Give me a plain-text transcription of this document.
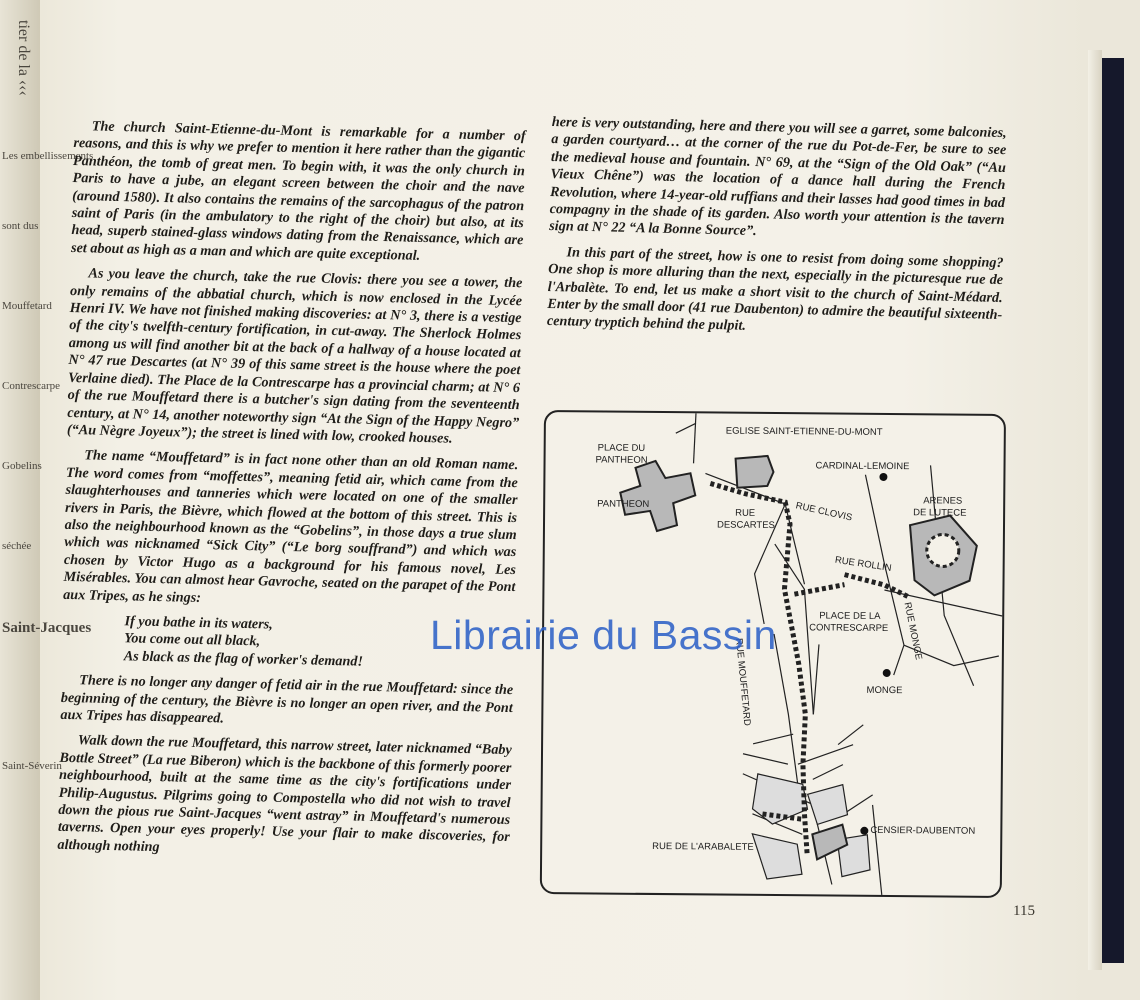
tier de la ‹‹‹
Les embellissements
sont dus
Mouffetard
Contrescarpe
Gobelins
séchée
Saint-Jacques
Saint-Séverin

The church Saint-Etienne-du-Mont is remarkable for a number of reasons, and this is why we prefer to mention it here rather than the gigantic Panthéon, the tomb of great men. To begin with, it was the only church in Paris to have a jube, an elegant screen between the choir and the nave (around 1580). It also contains the remains of the sarcophagus of the patron saint of Paris (in the ambulatory to the right of the choir) but also, at its head, superb stained-glass windows dating from the Renaissance, which are set about as high as a man and which are quite exceptional.

As you leave the church, take the rue Clovis: there you see a tower, the only remains of the abbatial church, which is now enclosed in the Lycée Henri IV. We have not finished making discoveries: at N° 3, there is a vestige of the city's twelfth-century fortification, in cut-away. The Sherlock Holmes among us will find another bit at the back of a hallway of a house located at N° 47 rue Descartes (at N° 39 of this same street is the house where the poet Verlaine died). The Place de la Contrescarpe has a provincial charm; at N° 6 of the rue Mouffetard there is a butcher's sign dating from the seventeenth century, at N° 14, another noteworthy sign “At the Sign of the Happy Negro” (“Au Nègre Joyeux”); the street is lined with low, crooked houses.

The name “Mouffetard” is in fact none other than an old Roman name. The word comes from “moffettes”, meaning fetid air, which came from the slaughterhouses and tanneries which were located on one of the smaller rivers in Paris, the Bièvre, which flowed at the bottom of this street. This is also the neighbourhood known as the “Gobelins”, in those days a true slum which was nicknamed “Sick City” (“Le borg souffrand”) and which was chosen by Victor Hugo as a background for his famous novel, Les Misérables. You can almost hear Gavroche, seated on the parapet of the Pont aux Tripes, as he sings:

If you bathe in its waters,
You come out all black,
As black as the flag of worker's demand!

There is no longer any danger of fetid air in the rue Mouffetard: since the beginning of the century, the Bièvre is no longer an open river, and the Pont aux Tripes has disappeared.

Walk down the rue Mouffetard, this narrow street, later nicknamed “Baby Bottle Street” (La rue Biberon) which is the backbone of this formerly poorer neighbourhood, built at the same time as the city's fortifications under Philip-Augustus. Pilgrims going to Compostella who did not wish to travel down the pious rue Saint-Jacques “went astray” in Mouffetard's numerous taverns. Open your eyes properly! Use your flair to make discoveries, for although nothing

here is very outstanding, here and there you will see a garret, some balconies, a garden courtyard… at the corner of the rue du Pot-de-Fer, be sure to see the medieval house and fountain. N° 69, at the “Sign of the Old Oak” (“Au Vieux Chêne”) was the location of a dance hall during the French Revolution, where 14-year-old ruffians and their lasses had good times in bad compagny in the shade of its garden. Also worth your attention is the tavern sign at N° 22 “A la Bonne Source”.

In this part of the street, how is one to resist from doing some shopping? One shop is more alluring than the next, especially in the picturesque rue de l'Arbalète. To end, let us make a short visit to the church of Saint-Médard. Enter by the small door (41 rue Daubenton) to admire the beautiful sixteenth-century tryptich behind the pulpit.

EGLISE SAINT-ETIENNE-DU-MONT
PLACE DU
PANTHEON
PANTHEON
CARDINAL-LEMOINE
RUE CLOVIS	ARENES
DE LUTECE
RUE
DESCARTES
RUE ROLLIN
PLACE DE LA
CONTRESCARPE
RUE MOUFFETARD
RUE MONGE
MONGE
CENSIER-DAUBENTON
RUE DE L'ARABALETE
115
Librairie du Bassin
